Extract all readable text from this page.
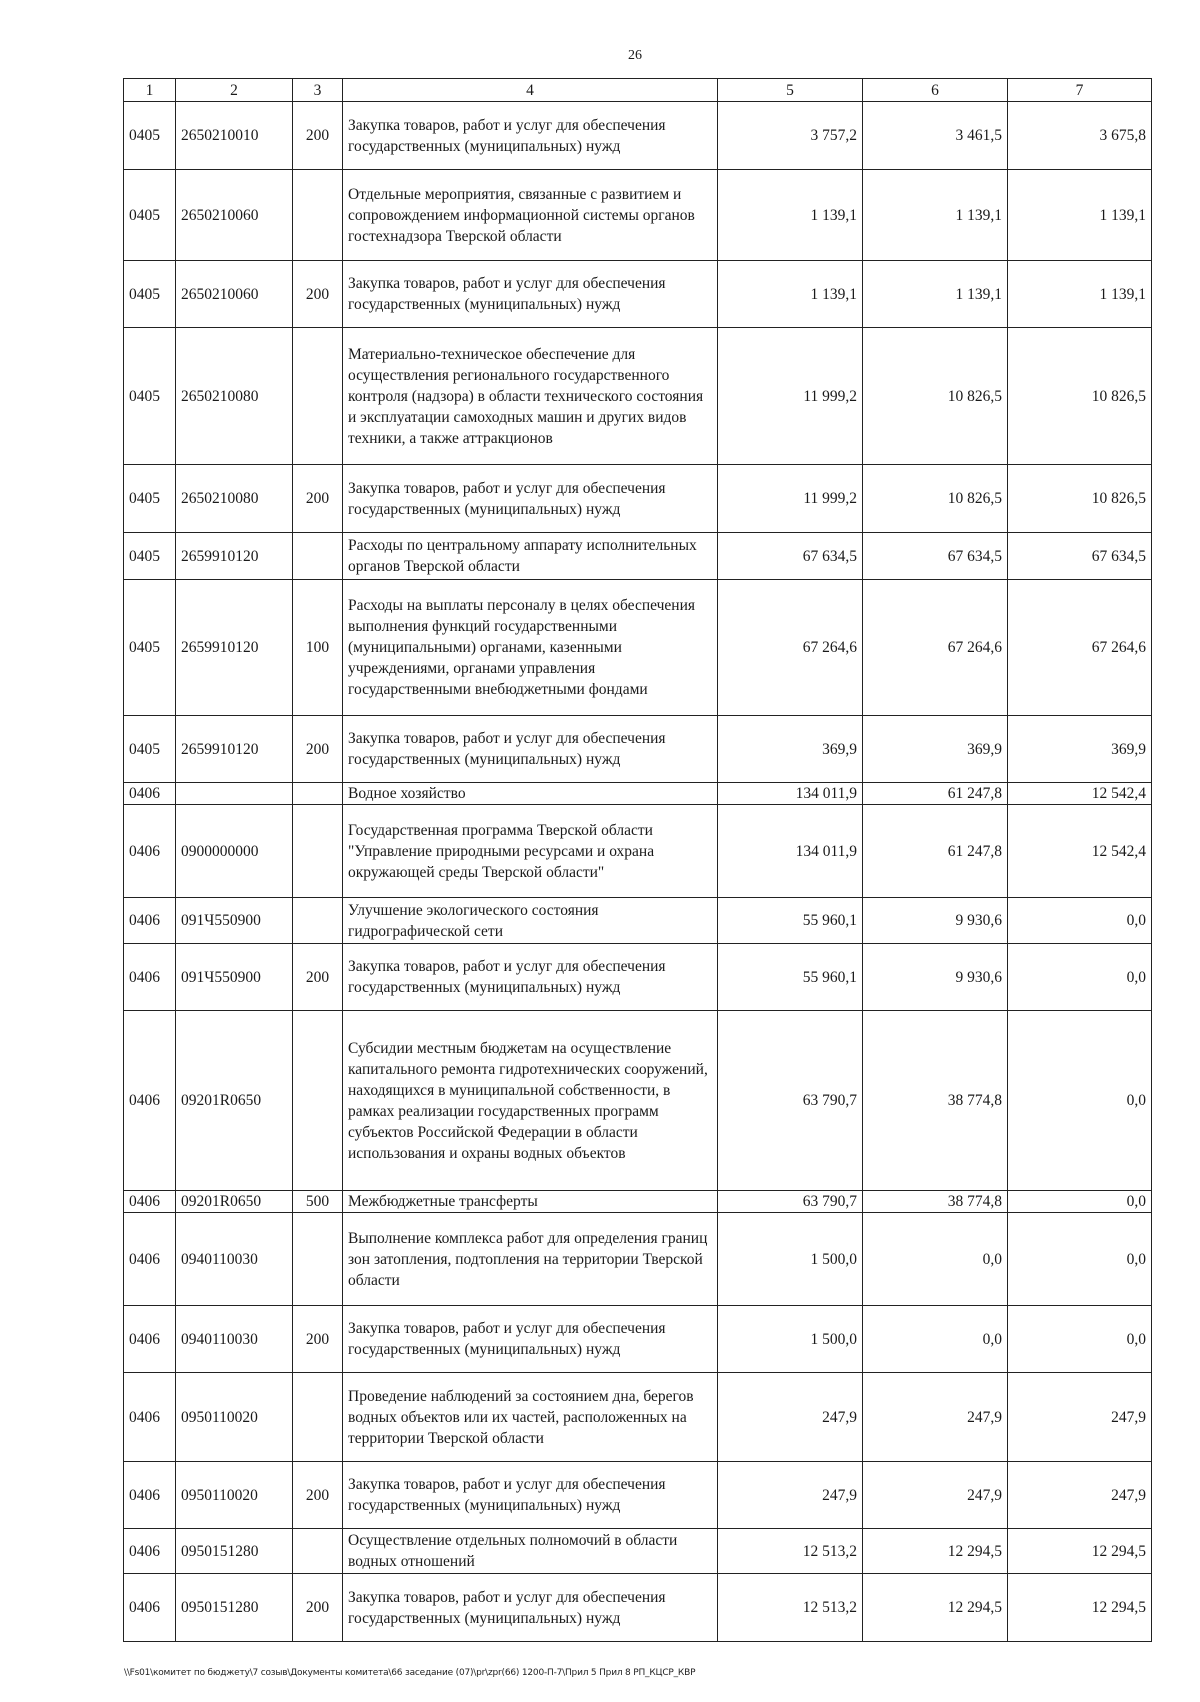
26
1	2	3	4	5	6	7
0405	2650210010	200	Закупка товаров, работ и услуг для обеспечения государственных (муниципальных) нужд	3 757,2	3 461,5	3 675,8
0405	2650210060		Отдельные мероприятия, связанные с развитием и сопровождением информационной системы органов гостехнадзора Тверской области	1 139,1	1 139,1	1 139,1
0405	2650210060	200	Закупка товаров, работ и услуг для обеспечения государственных (муниципальных) нужд	1 139,1	1 139,1	1 139,1
0405	2650210080		Материально-техническое обеспечение для осуществления регионального государственного контроля (надзора) в области технического состояния и эксплуатации самоходных машин и других видов техники, а также аттракционов	11 999,2	10 826,5	10 826,5
0405	2650210080	200	Закупка товаров, работ и услуг для обеспечения государственных (муниципальных) нужд	11 999,2	10 826,5	10 826,5
0405	2659910120		Расходы по центральному аппарату исполнительных органов Тверской области	67 634,5	67 634,5	67 634,5
0405	2659910120	100	Расходы на выплаты персоналу в целях обеспечения выполнения функций государственными (муниципальными) органами, казенными учреждениями, органами управления государственными внебюджетными фондами	67 264,6	67 264,6	67 264,6
0405	2659910120	200	Закупка товаров, работ и услуг для обеспечения государственных (муниципальных) нужд	369,9	369,9	369,9
0406			Водное хозяйство	134 011,9	61 247,8	12 542,4
0406	0900000000		Государственная программа Тверской области "Управление природными ресурсами и охрана окружающей среды Тверской области"	134 011,9	61 247,8	12 542,4
0406	091Ч550900		Улучшение экологического состояния гидрографической сети	55 960,1	9 930,6	0,0
0406	091Ч550900	200	Закупка товаров, работ и услуг для обеспечения государственных (муниципальных) нужд	55 960,1	9 930,6	0,0
0406	09201R0650		Субсидии местным бюджетам на осуществление капитального ремонта гидротехнических сооружений, находящихся в муниципальной собственности, в рамках реализации государственных программ субъектов Российской Федерации в области использования и охраны водных объектов	63 790,7	38 774,8	0,0
0406	09201R0650	500	Межбюджетные трансферты	63 790,7	38 774,8	0,0
0406	0940110030		Выполнение комплекса работ для определения границ зон затопления, подтопления на территории Тверской области	1 500,0	0,0	0,0
0406	0940110030	200	Закупка товаров, работ и услуг для обеспечения государственных (муниципальных) нужд	1 500,0	0,0	0,0
0406	0950110020		Проведение наблюдений за состоянием дна, берегов водных объектов или их частей, расположенных на территории Тверской области	247,9	247,9	247,9
0406	0950110020	200	Закупка товаров, работ и услуг для обеспечения государственных (муниципальных) нужд	247,9	247,9	247,9
0406	0950151280		Осуществление отдельных полномочий в области водных отношений	12 513,2	12 294,5	12 294,5
0406	0950151280	200	Закупка товаров, работ и услуг для обеспечения государственных (муниципальных) нужд	12 513,2	12 294,5	12 294,5
\\Fs01\комитет по бюджету\7 созыв\Документы комитета\66 заседание (07)\pr\zpr(66) 1200-П-7\Прил 5 Прил 8 РП_КЦСР_КВР
